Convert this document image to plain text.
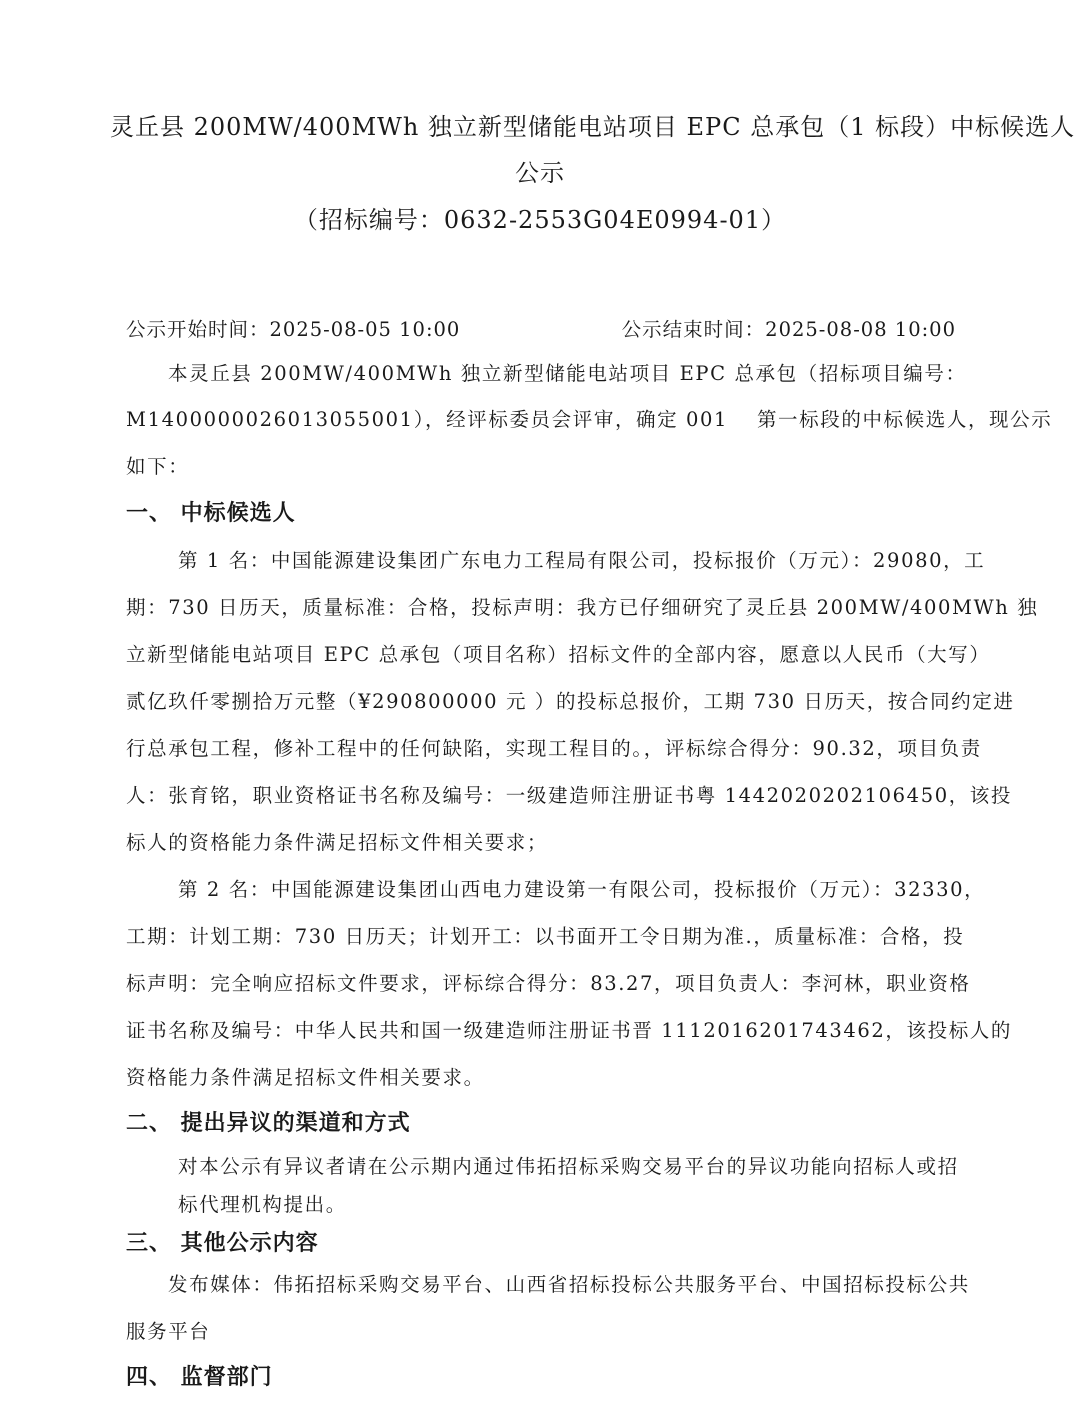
灵丘县 200MW/400MWh 独立新型储能电站项目 EPC 总承包（1 标段）中标候选人
公示
（招标编号：0632-2553G04E0994-01）
公示开始时间：2025-08-05 10:00	公示结束时间：2025-08-08 10:00
本灵丘县 200MW/400MWh 独立新型储能电站项目 EPC 总承包（招标项目编号：
M1400000026013055001），经评标委员会评审，确定 001　 第一标段的中标候选人，现公示
如下：
一、 中标候选人
第 1 名：中国能源建设集团广东电力工程局有限公司，投标报价（万元）：29080，工
期：730 日历天，质量标准：合格，投标声明：我方已仔细研究了灵丘县 200MW/400MWh 独
立新型储能电站项目 EPC 总承包（项目名称）招标文件的全部内容，愿意以人民币（大写）
贰亿玖仟零捌拾万元整（¥290800000 元 ）的投标总报价，工期 730 日历天，按合同约定进
行总承包工程，修补工程中的任何缺陷，实现工程目的。，评标综合得分：90.32，项目负责
人：张育铭，职业资格证书名称及编号：一级建造师注册证书粤 1442020202106450，该投
标人的资格能力条件满足招标文件相关要求；
第 2 名：中国能源建设集团山西电力建设第一有限公司，投标报价（万元）：32330，
工期：计划工期：730 日历天；计划开工：以书面开工令日期为准.，质量标准：合格，投
标声明：完全响应招标文件要求，评标综合得分：83.27，项目负责人：李河林，职业资格
证书名称及编号：中华人民共和国一级建造师注册证书晋 1112016201743462，该投标人的
资格能力条件满足招标文件相关要求。
二、 提出异议的渠道和方式
对本公示有异议者请在公示期内通过伟拓招标采购交易平台的异议功能向招标人或招
标代理机构提出。
三、 其他公示内容
发布媒体：伟拓招标采购交易平台、山西省招标投标公共服务平台、中国招标投标公共
服务平台
四、 监督部门
